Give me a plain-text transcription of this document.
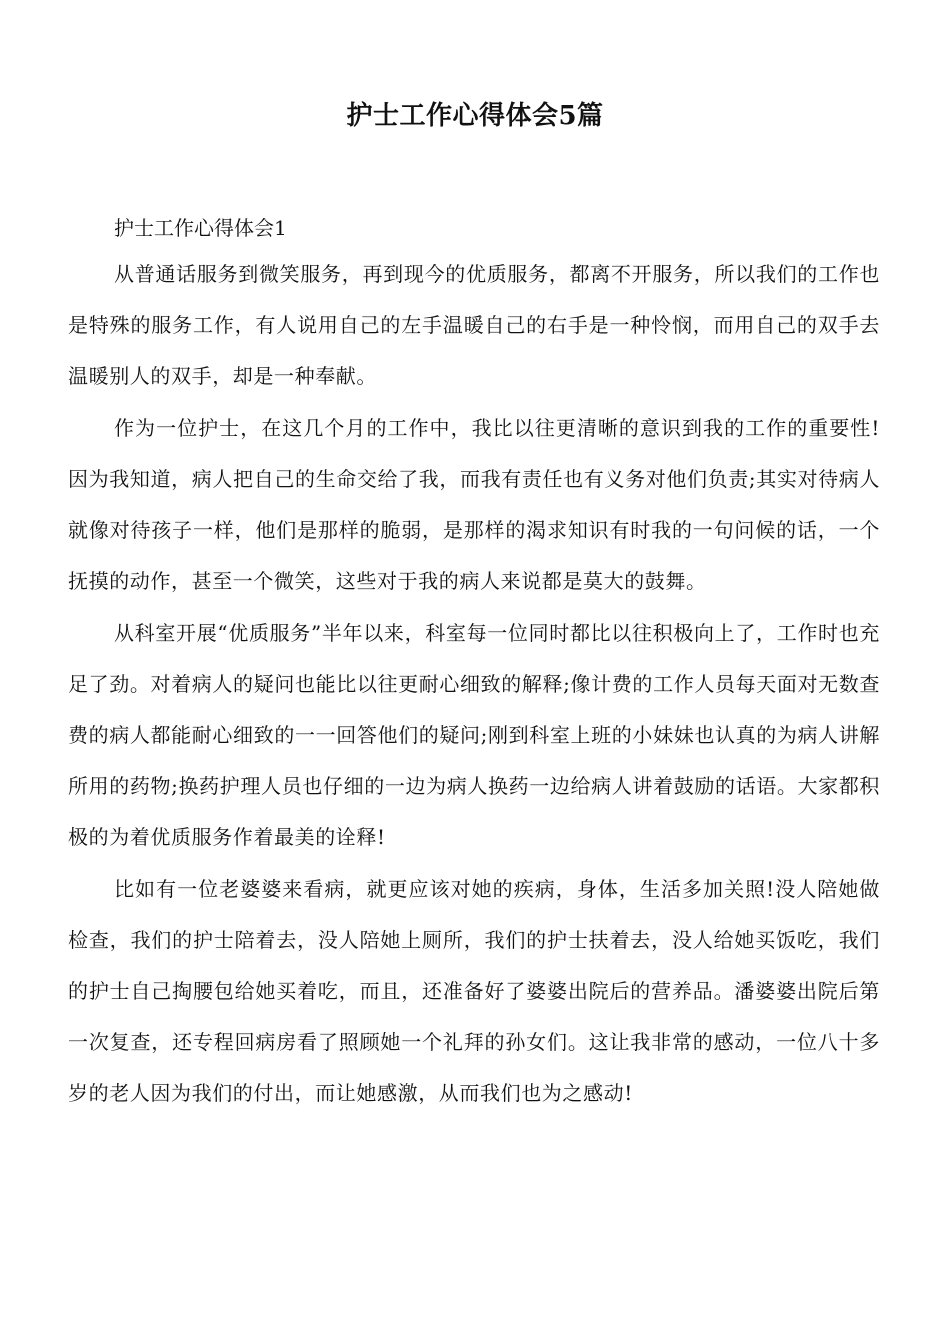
护士工作心得体会5篇

护士工作心得体会1

从普通话服务到微笑服务，再到现今的优质服务，都离不开服务，所以我们的工作也是特殊的服务工作，有人说用自己的左手温暖自己的右手是一种怜悯，而用自己的双手去温暖别人的双手，却是一种奉献。

作为一位护士，在这几个月的工作中，我比以往更清晰的意识到我的工作的重要性!因为我知道，病人把自己的生命交给了我，而我有责任也有义务对他们负责;其实对待病人就像对待孩子一样，他们是那样的脆弱，是那样的渴求知识有时我的一句问候的话，一个抚摸的动作，甚至一个微笑，这些对于我的病人来说都是莫大的鼓舞。

从科室开展“优质服务”半年以来，科室每一位同时都比以往积极向上了，工作时也充足了劲。对着病人的疑问也能比以往更耐心细致的解释;像计费的工作人员每天面对无数查费的病人都能耐心细致的一一回答他们的疑问;刚到科室上班的小妹妹也认真的为病人讲解所用的药物;换药护理人员也仔细的一边为病人换药一边给病人讲着鼓励的话语。大家都积极的为着优质服务作着最美的诠释!

比如有一位老婆婆来看病，就更应该对她的疾病，身体，生活多加关照!没人陪她做检查，我们的护士陪着去，没人陪她上厕所，我们的护士扶着去，没人给她买饭吃，我们的护士自己掏腰包给她买着吃，而且，还准备好了婆婆出院后的营养品。潘婆婆出院后第一次复查，还专程回病房看了照顾她一个礼拜的孙女们。这让我非常的感动，一位八十多岁的老人因为我们的付出，而让她感激，从而我们也为之感动!
